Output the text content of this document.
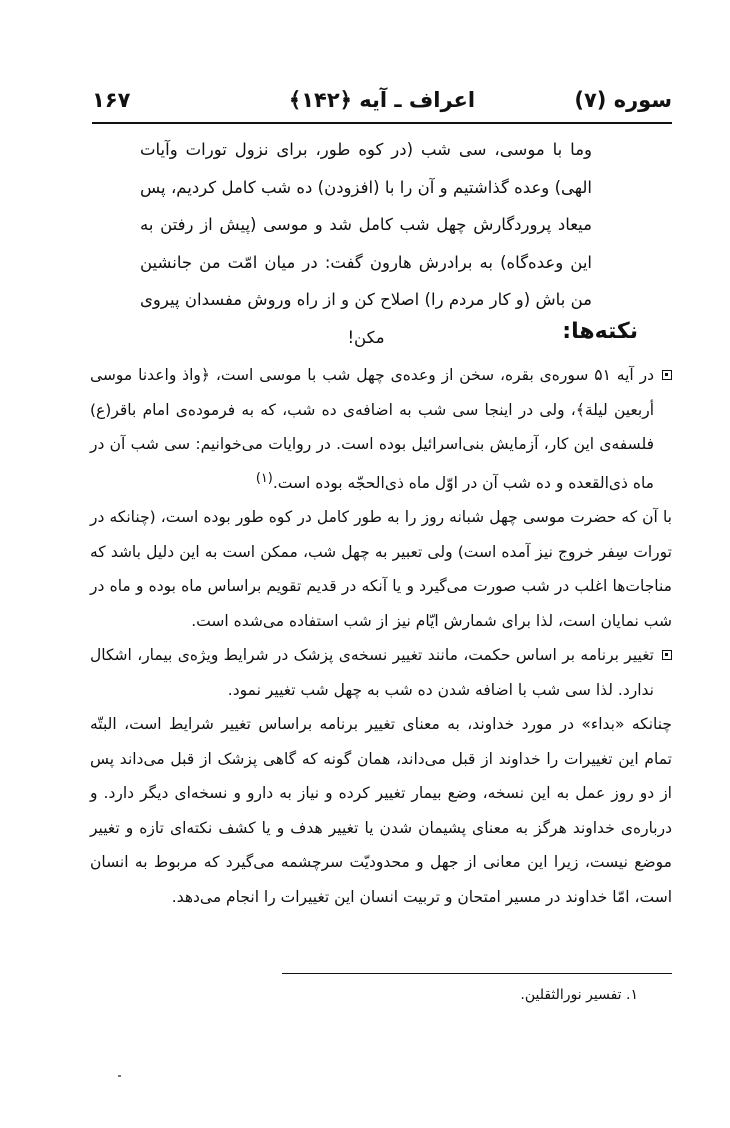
سوره (۷)
اعراف ـ آیه ﴿۱۴۲﴾
۱۶۷

وما با موسی، سی شب (در کوه طور، برای نزول تورات وآیات الهی) وعده گذاشتیم و آن را با (افزودن) ده شب کامل کردیم، پس میعاد پروردگارش چهل شب کامل شد و موسی (پیش از رفتن به این وعده‌گاه) به برادرش هارون گفت: در میان امّت من جانشین من باش (و کار مردم را) اصلاح کن و از راه وروش مفسدان پیروی مکن!	نکته‌ها:

در آیه ۵۱ سوره‌ی بقره، سخن از وعده‌ی چهل شب با موسی است، ﴿واذ واعدنا موسی أربعین لیلة﴾، ولی در اینجا سی شب به اضافه‌ی ده شب، که به فرموده‌ی امام باقر(ع) فلسفه‌ی این کار، آزمایش بنی‌اسرائیل بوده است. در روایات می‌خوانیم: سی شب آن در ماه ذی‌القعده و ده شب آن در اوّل ماه ذی‌الحجّه بوده است.$^{(۱)}$

با آن که حضرت موسی چهل شبانه روز را به طور کامل در کوه طور بوده است، (چنانکه در تورات سِفر خروج نیز آمده است) ولی تعبیر به چهل شب، ممکن است به این دلیل باشد که مناجات‌ها اغلب در شب صورت می‌گیرد و یا آنکه در قدیم تقویم براساس ماه بوده و ماه در شب نمایان است، لذا برای شمارش ایّام نیز از شب استفاده می‌شده است.

تغییر برنامه بر اساس حکمت، مانند تغییر نسخه‌ی پزشک در شرایط ویژه‌ی بیمار، اشکال ندارد. لذا سی شب با اضافه شدن ده شب به چهل شب تغییر نمود.

چنانکه «بداء» در مورد خداوند، به معنای تغییر برنامه براساس تغییر شرایط است، البتّه تمام این تغییرات را خداوند از قبل می‌داند، همان گونه که گاهی پزشک از قبل می‌داند پس از دو روز عمل به این نسخه، وضع بیمار تغییر کرده و نیاز به دارو و نسخه‌ای دیگر دارد. و درباره‌ی خداوند هرگز به معنای پشیمان شدن یا تغییر هدف و یا کشف نکته‌ای تازه و تغییر موضع نیست، زیرا این معانی از جهل و محدودیّت سرچشمه می‌گیرد که مربوط به انسان است، امّا خداوند در مسیر امتحان و تربیت انسان این تغییرات را انجام می‌دهد.

۱. تفسیر نورالثقلین.
